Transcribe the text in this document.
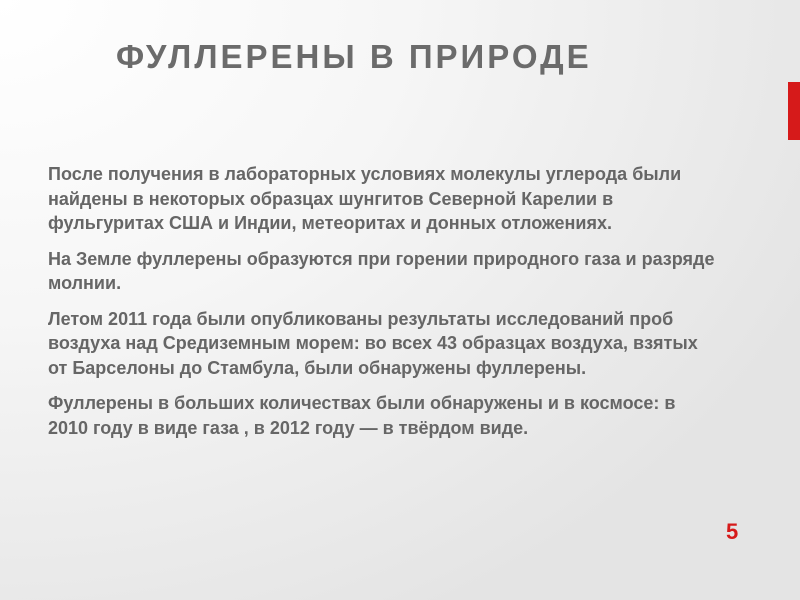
ФУЛЛЕРЕНЫ В ПРИРОДЕ

После получения в лабораторных условиях молекулы углерода были найдены в некоторых образцах шунгитов Северной Карелии в фульгуритах США и Индии, метеоритах и донных отложениях.

На Земле фуллерены образуются при горении природного газа и разряде молнии.

Летом 2011 года были опубликованы результаты исследований проб воздуха над Средиземным морем: во всех 43 образцах воздуха, взятых от Барселоны до Стамбула, были обнаружены фуллерены.

Фуллерены в больших количествах были обнаружены и в космосе: в 2010 году в виде газа , в 2012 году — в твёрдом виде.

5
